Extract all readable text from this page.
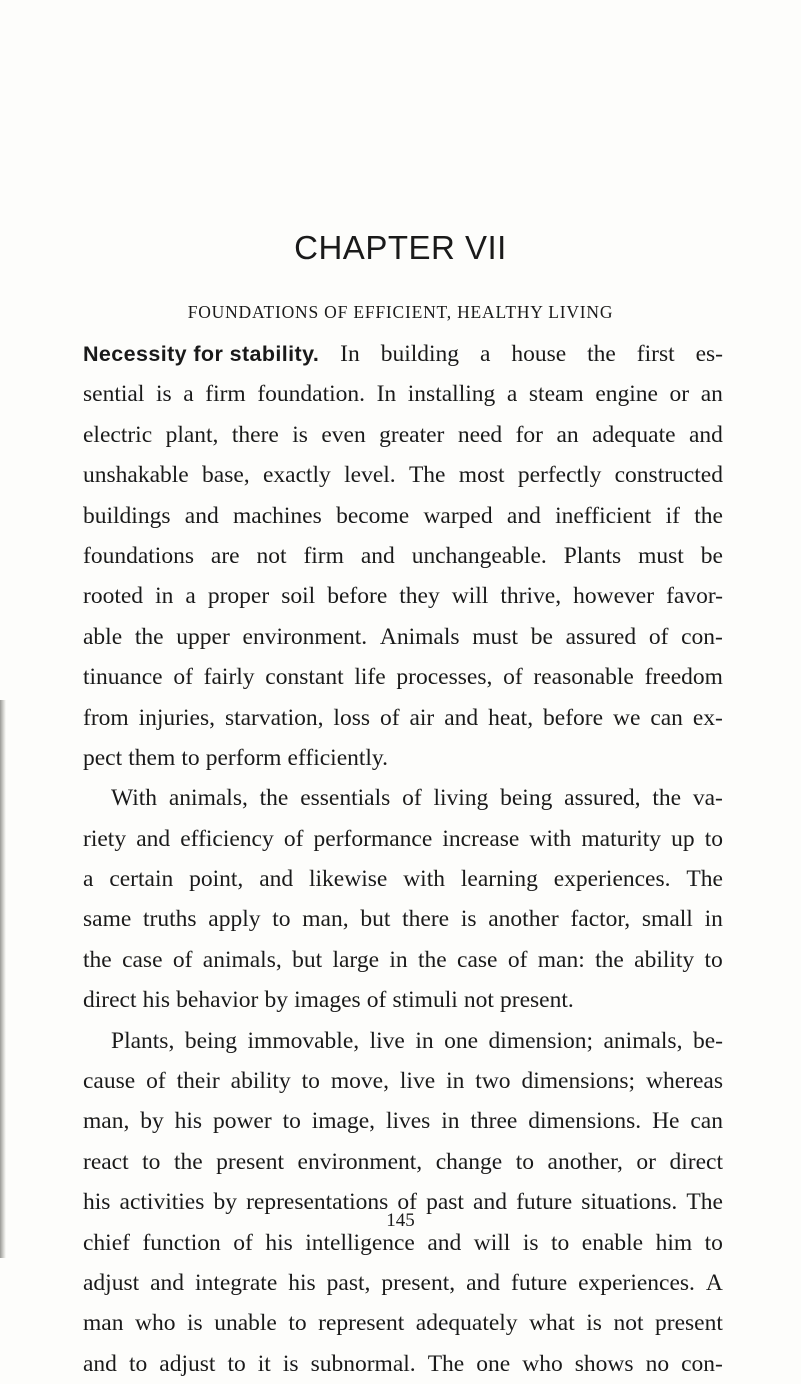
CHAPTER VII
FOUNDATIONS OF EFFICIENT, HEALTHY LIVING
Necessity for stability. In building a house the first es-
sential is a firm foundation. In installing a steam engine or an
electric plant, there is even greater need for an adequate and
unshakable base, exactly level. The most perfectly constructed
buildings and machines become warped and inefficient if the
foundations are not firm and unchangeable. Plants must be
rooted in a proper soil before they will thrive, however favor-
able the upper environment. Animals must be assured of con-
tinuance of fairly constant life processes, of reasonable freedom
from injuries, starvation, loss of air and heat, before we can ex-
pect them to perform efficiently.
With animals, the essentials of living being assured, the va-
riety and efficiency of performance increase with maturity up to
a certain point, and likewise with learning experiences. The
same truths apply to man, but there is another factor, small in
the case of animals, but large in the case of man: the ability to
direct his behavior by images of stimuli not present.
Plants, being immovable, live in one dimension; animals, be-
cause of their ability to move, live in two dimensions; whereas
man, by his power to image, lives in three dimensions. He can
react to the present environment, change to another, or direct
his activities by representations of past and future situations. The
chief function of his intelligence and will is to enable him to
adjust and integrate his past, present, and future experiences. A
man who is unable to represent adequately what is not present
and to adjust to it is subnormal. The one who shows no con-
145
